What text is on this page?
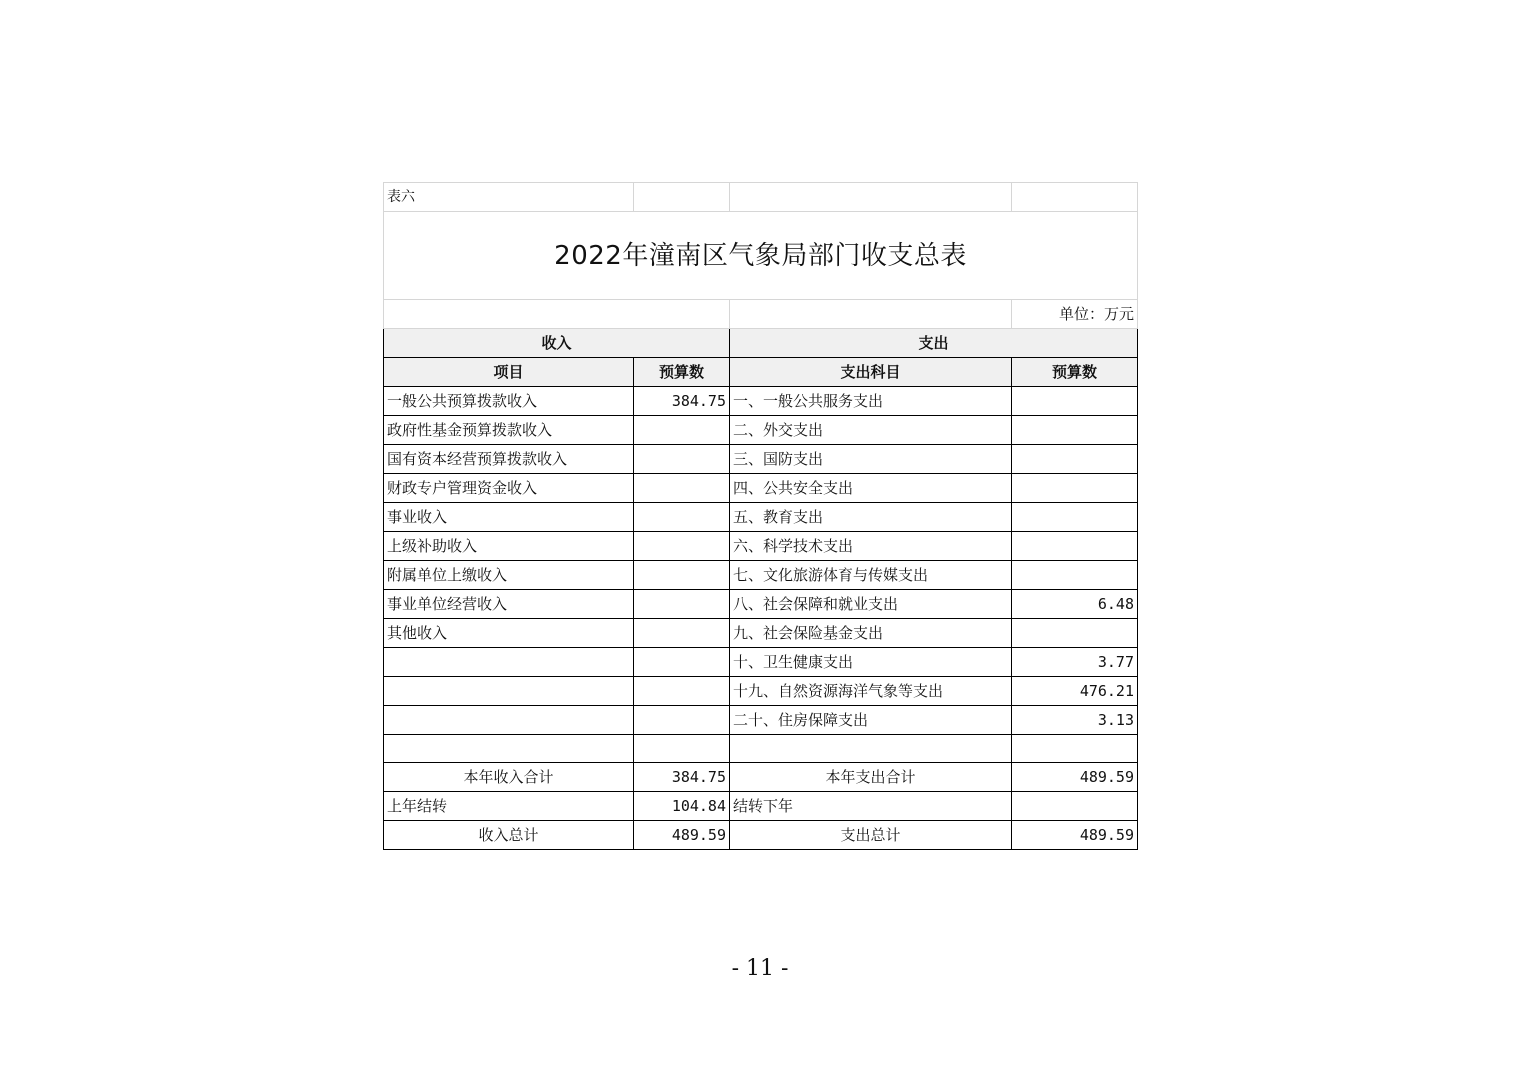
表六			
2022年潼南区气象局部门收支总表			
			单位：万元
收入		支出	
项目	预算数	支出科目	预算数
一般公共预算拨款收入	384.75	一、一般公共服务支出	
政府性基金预算拨款收入		二、外交支出	
国有资本经营预算拨款收入		三、国防支出	
财政专户管理资金收入		四、公共安全支出	
事业收入		五、教育支出	
上级补助收入		六、科学技术支出	
附属单位上缴收入		七、文化旅游体育与传媒支出	
事业单位经营收入		八、社会保障和就业支出	6.48
其他收入		九、社会保险基金支出	
		十、卫生健康支出	3.77
		十九、自然资源海洋气象等支出	476.21
		二十、住房保障支出	3.13

本年收入合计	384.75	本年支出合计	489.59
上年结转	104.84	结转下年	
收入总计	489.59	支出总计	489.59
- 11 -
